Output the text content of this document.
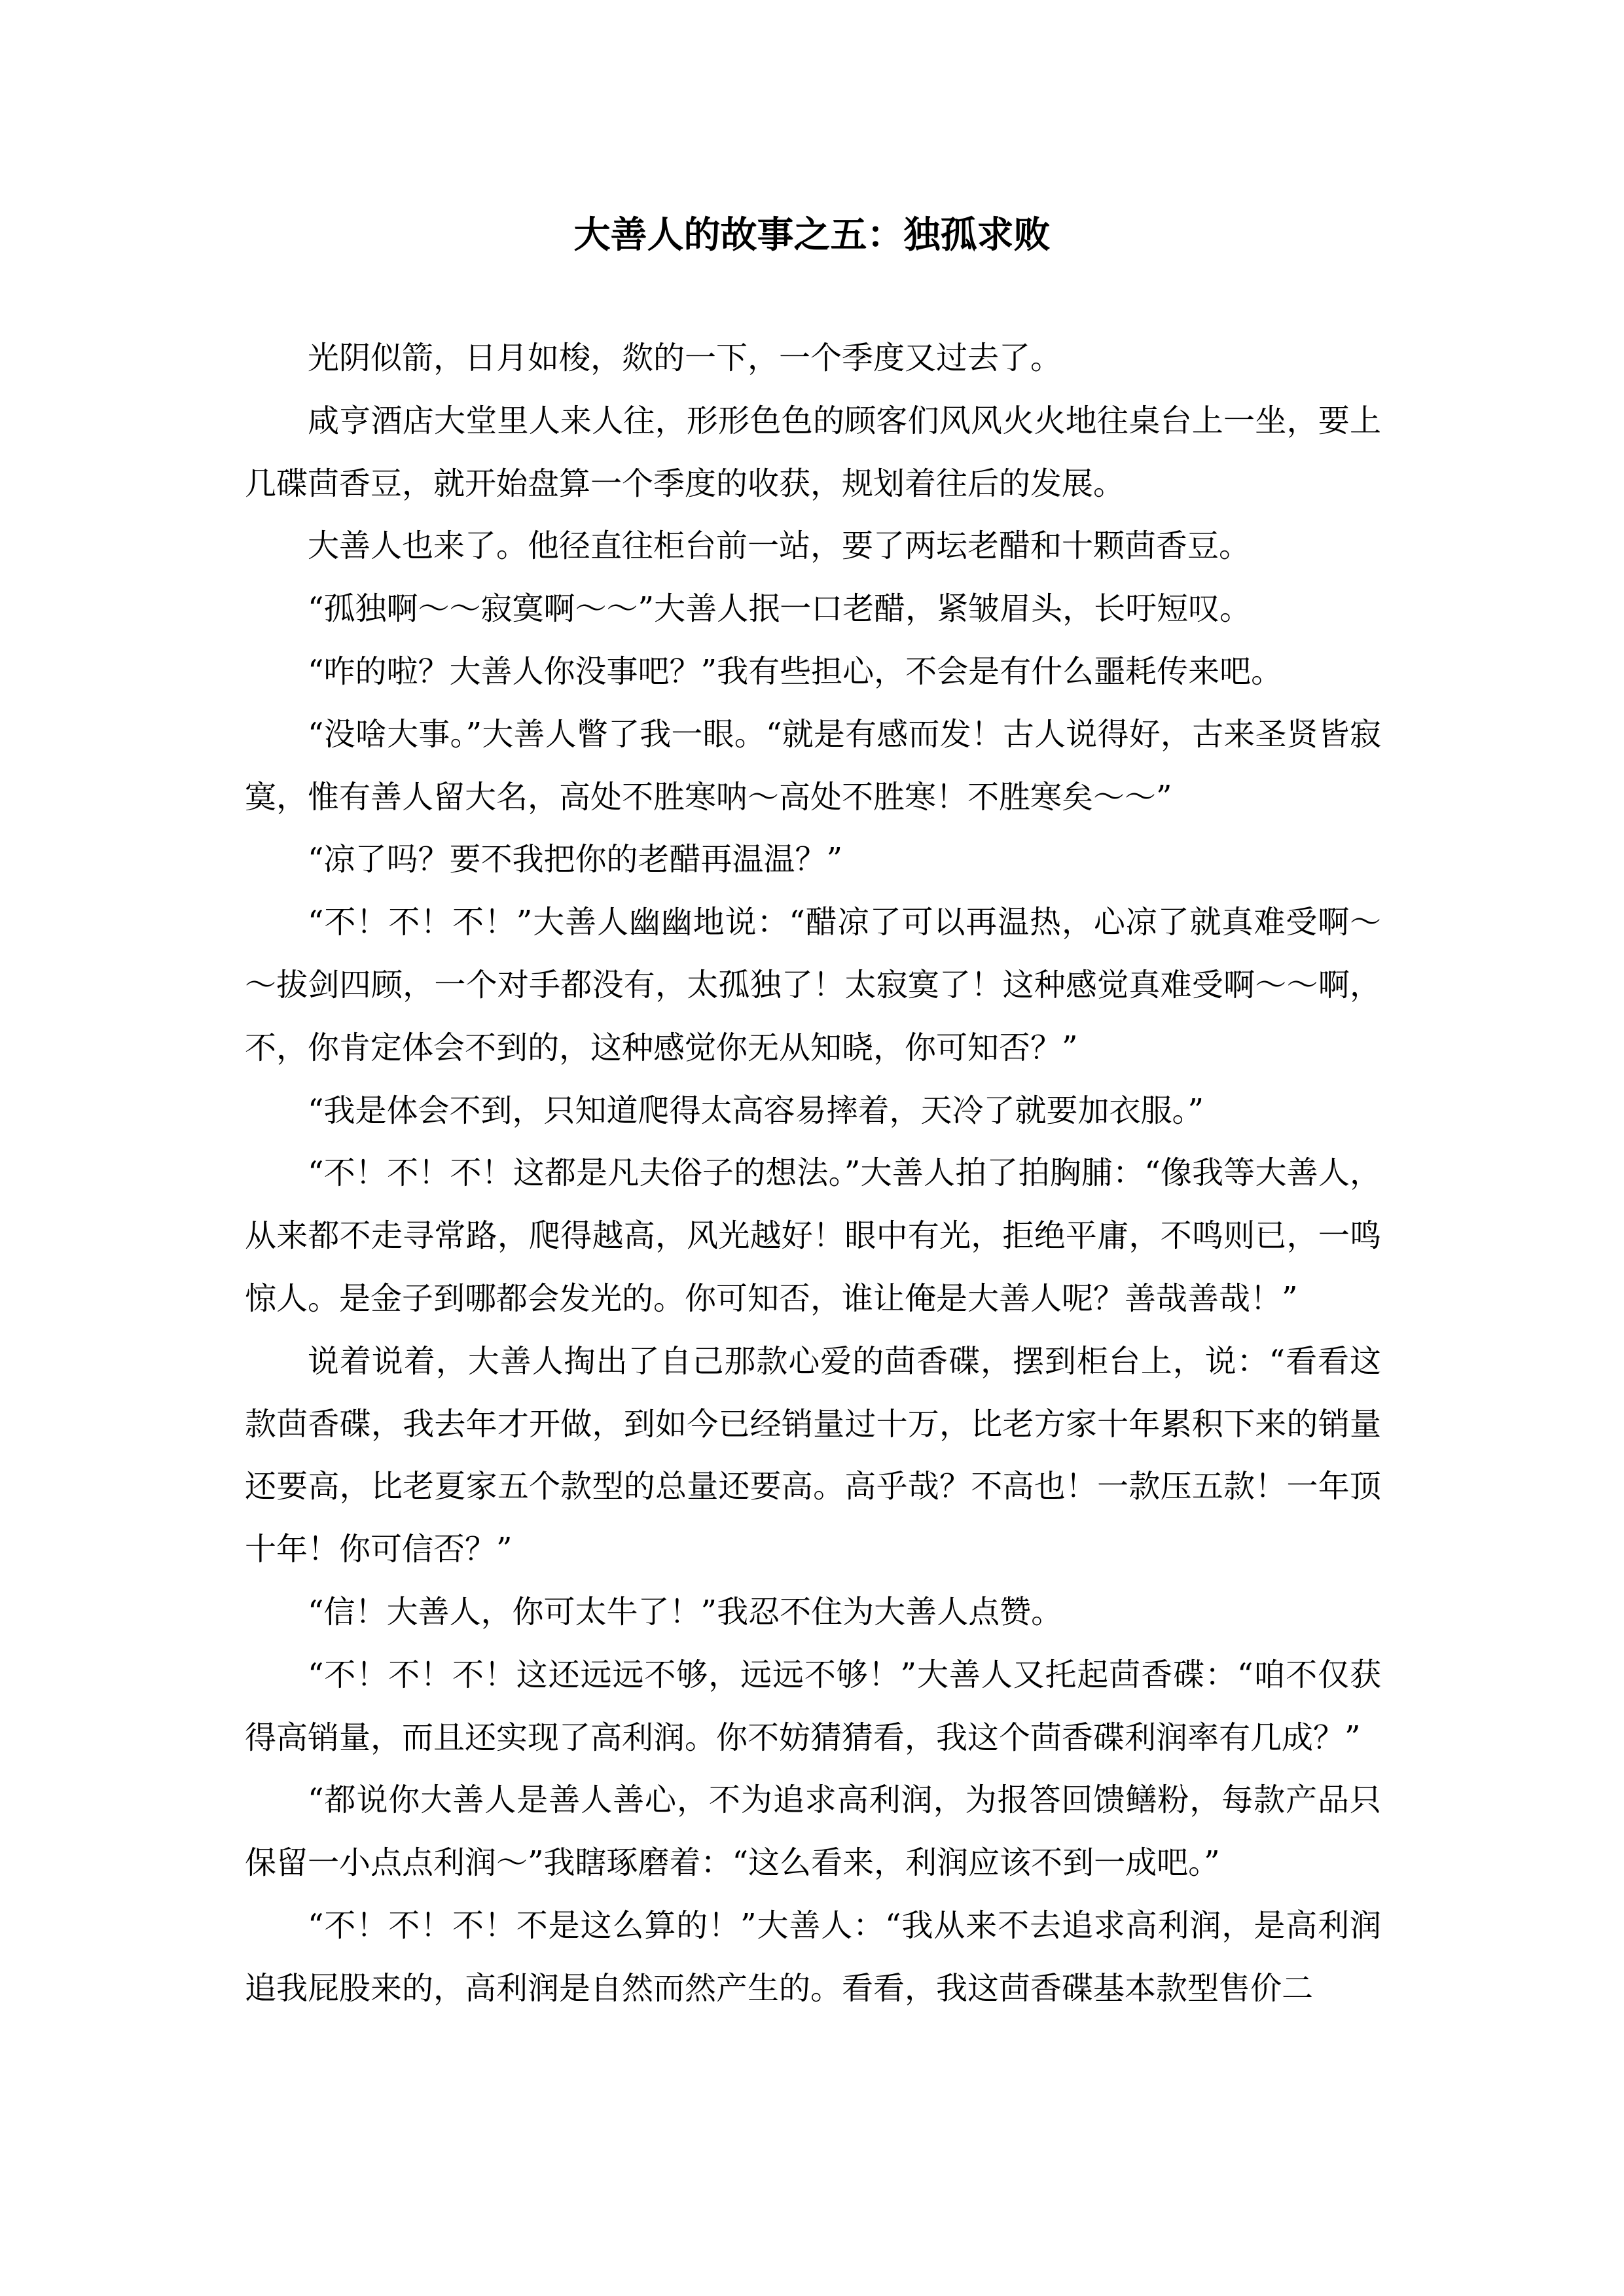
大善人的故事之五：独孤求败

光阴似箭，日月如梭，欻的一下，一个季度又过去了。

咸亨酒店大堂里人来人往，形形色色的顾客们风风火火地往桌台上一坐，要上几碟茴香豆，就开始盘算一个季度的收获，规划着往后的发展。

大善人也来了。他径直往柜台前一站，要了两坛老醋和十颗茴香豆。

“孤独啊～～寂寞啊～～”大善人抿一口老醋，紧皱眉头，长吁短叹。

“咋的啦？大善人你没事吧？”我有些担心，不会是有什么噩耗传来吧。

“没啥大事。”大善人瞥了我一眼。“就是有感而发！古人说得好，古来圣贤皆寂寞，惟有善人留大名，高处不胜寒呐～高处不胜寒！不胜寒矣～～”

“凉了吗？要不我把你的老醋再温温？”

“不！不！不！”大善人幽幽地说：“醋凉了可以再温热，心凉了就真难受啊～～拔剑四顾，一个对手都没有，太孤独了！太寂寞了！这种感觉真难受啊～～啊，不，你肯定体会不到的，这种感觉你无从知晓，你可知否？”

“我是体会不到，只知道爬得太高容易摔着，天冷了就要加衣服。”

“不！不！不！这都是凡夫俗子的想法。”大善人拍了拍胸脯：“像我等大善人，从来都不走寻常路，爬得越高，风光越好！眼中有光，拒绝平庸，不鸣则已，一鸣惊人。是金子到哪都会发光的。你可知否，谁让俺是大善人呢？善哉善哉！”

说着说着，大善人掏出了自己那款心爱的茴香碟，摆到柜台上，说：“看看这款茴香碟，我去年才开做，到如今已经销量过十万，比老方家十年累积下来的销量还要高，比老夏家五个款型的总量还要高。高乎哉？不高也！一款压五款！一年顶十年！你可信否？”

“信！大善人，你可太牛了！”我忍不住为大善人点赞。

“不！不！不！这还远远不够，远远不够！”大善人又托起茴香碟：“咱不仅获得高销量，而且还实现了高利润。你不妨猜猜看，我这个茴香碟利润率有几成？”

“都说你大善人是善人善心，不为追求高利润，为报答回馈鳝粉，每款产品只保留一小点点利润～”我瞎琢磨着：“这么看来，利润应该不到一成吧。”

“不！不！不！不是这么算的！”大善人：“我从来不去追求高利润，是高利润追我屁股来的，高利润是自然而然产生的。看看，我这茴香碟基本款型售价二
